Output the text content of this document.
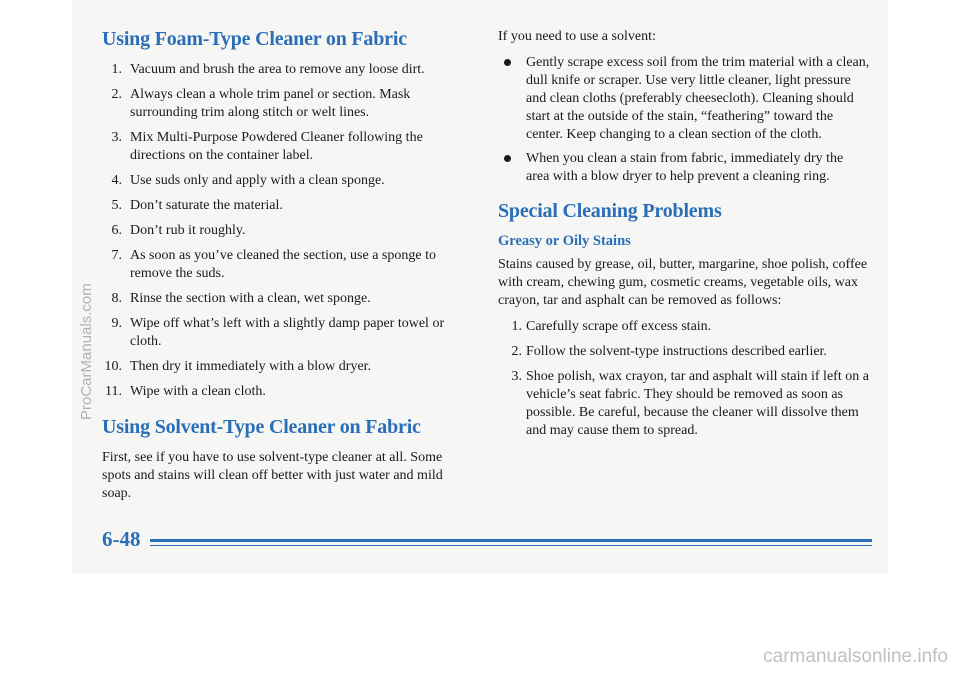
Using Foam-Type Cleaner on Fabric
1. Vacuum and brush the area to remove any loose dirt.
2. Always clean a whole trim panel or section. Mask surrounding trim along stitch or welt lines.
3. Mix Multi-Purpose Powdered Cleaner following the directions on the container label.
4. Use suds only and apply with a clean sponge.
5. Don’t saturate the material.
6. Don’t rub it roughly.
7. As soon as you’ve cleaned the section, use a sponge to remove the suds.
8. Rinse the section with a clean, wet sponge.
9. Wipe off what’s left with a slightly damp paper towel or cloth.
10. Then dry it immediately with a blow dryer.
11. Wipe with a clean cloth.
Using Solvent-Type Cleaner on Fabric

First, see if you have to use solvent-type cleaner at all. Some spots and stains will clean off better with just water and mild soap.

If you need to use a solvent:

Gently scrape excess soil from the trim material with a clean, dull knife or scraper. Use very little cleaner, light pressure and clean cloths (preferably cheesecloth). Cleaning should start at the outside of the stain, “feathering” toward the center. Keep changing to a clean section of the cloth.
When you clean a stain from fabric, immediately dry the area with a blow dryer to help prevent a cleaning ring.
Special Cleaning Problems
Greasy or Oily Stains

Stains caused by grease, oil, butter, margarine, shoe polish, coffee with cream, chewing gum, cosmetic creams, vegetable oils, wax crayon, tar and asphalt can be removed as follows:

1. Carefully scrape off excess stain.
2. Follow the solvent-type instructions described earlier.
3. Shoe polish, wax crayon, tar and asphalt will stain if left on a vehicle’s seat fabric. They should be removed as soon as possible. Be careful, because the cleaner will dissolve them and may cause them to spread.
6-48
ProCarManuals.com
carmanualsonline.info
